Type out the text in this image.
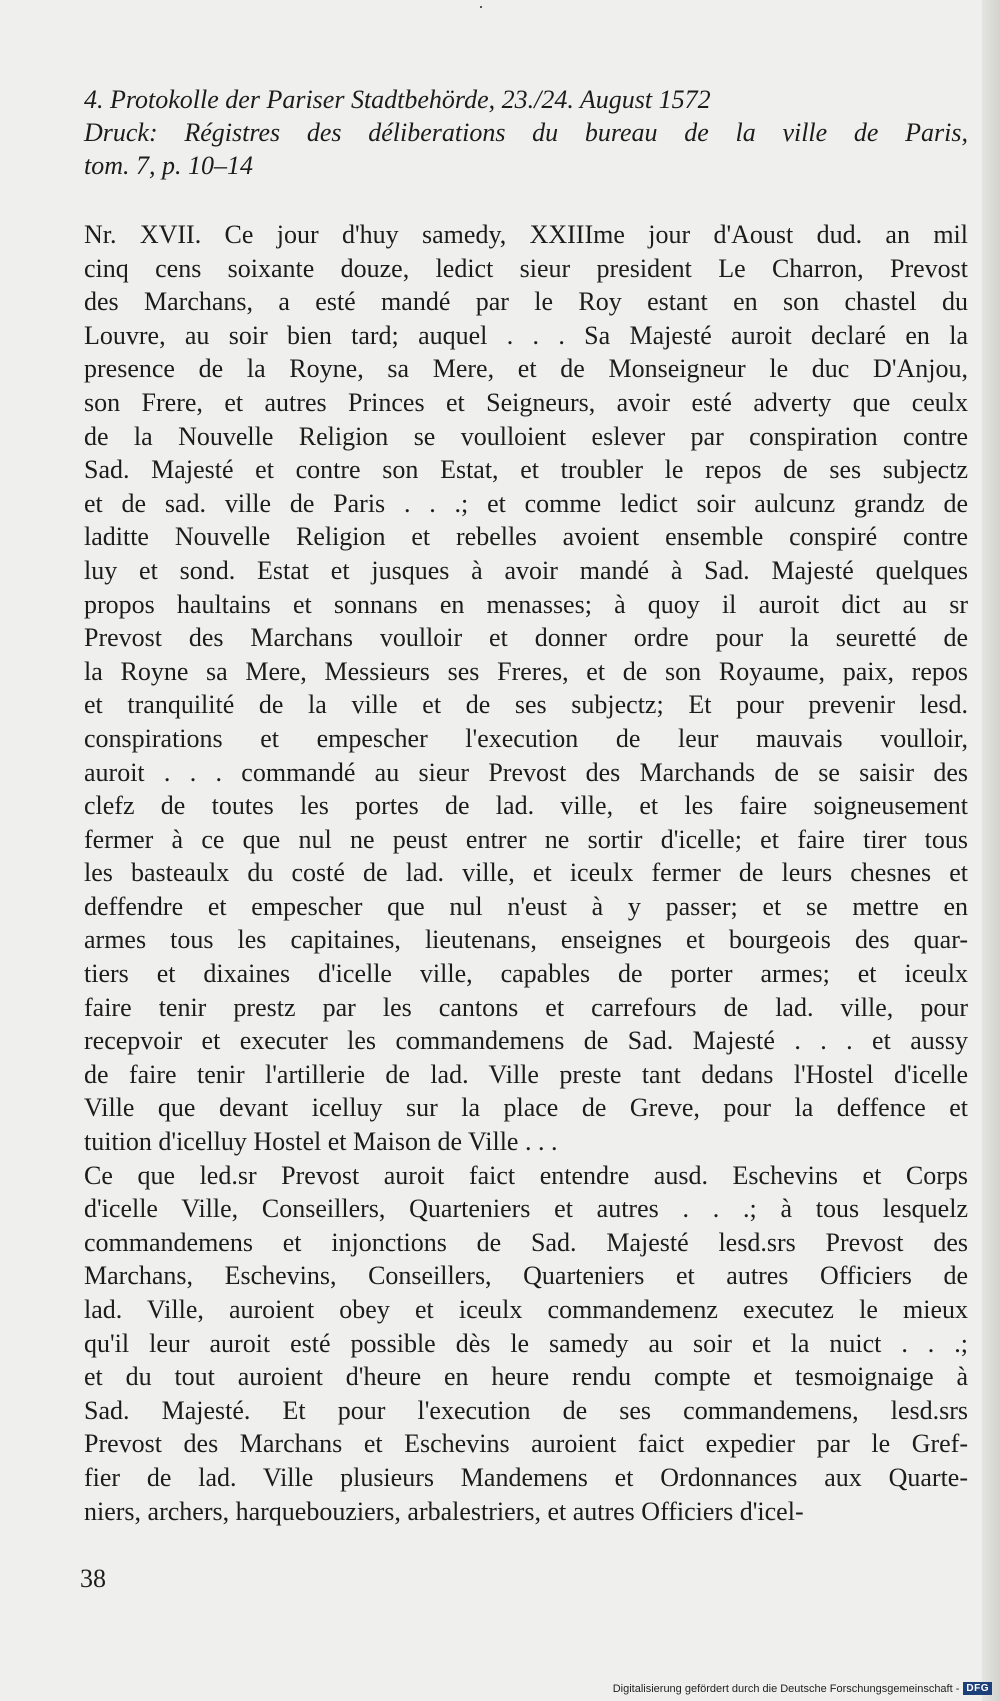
4. Protokolle der Pariser Stadtbehörde, 23./24. August 1572
Druck: Régistres des déliberations du bureau de la ville de Paris,
tom. 7, p. 10–14
Nr. XVII. Ce jour d'huy samedy, XXIIIme jour d'Aoust dud. an mil
cinq cens soixante douze, ledict sieur president Le Charron, Prevost
des Marchans, a esté mandé par le Roy estant en son chastel du
Louvre, au soir bien tard; auquel . . . Sa Majesté auroit declaré en la
presence de la Royne, sa Mere, et de Monseigneur le duc D'Anjou,
son Frere, et autres Princes et Seigneurs, avoir esté adverty que ceulx
de la Nouvelle Religion se voulloient eslever par conspiration contre
Sad. Majesté et contre son Estat, et troubler le repos de ses subjectz
et de sad. ville de Paris . . .; et comme ledict soir aulcunz grandz de
laditte Nouvelle Religion et rebelles avoient ensemble conspiré contre
luy et sond. Estat et jusques à avoir mandé à Sad. Majesté quelques
propos haultains et sonnans en menasses; à quoy il auroit dict au sr
Prevost des Marchans voulloir et donner ordre pour la seuretté de
la Royne sa Mere, Messieurs ses Freres, et de son Royaume, paix, repos
et tranquilité de la ville et de ses subjectz; Et pour prevenir lesd.
conspirations et empescher l'execution de leur mauvais voulloir,
auroit . . . commandé au sieur Prevost des Marchands de se saisir des
clefz de toutes les portes de lad. ville, et les faire soigneusement
fermer à ce que nul ne peust entrer ne sortir d'icelle; et faire tirer tous
les basteaulx du costé de lad. ville, et iceulx fermer de leurs chesnes et
deffendre et empescher que nul n'eust à y passer; et se mettre en
armes tous les capitaines, lieutenans, enseignes et bourgeois des quar-
tiers et dixaines d'icelle ville, capables de porter armes; et iceulx
faire tenir prestz par les cantons et carrefours de lad. ville, pour
recepvoir et executer les commandemens de Sad. Majesté . . . et aussy
de faire tenir l'artillerie de lad. Ville preste tant dedans l'Hostel d'icelle
Ville que devant icelluy sur la place de Greve, pour la deffence et
tuition d'icelluy Hostel et Maison de Ville . . .
Ce que led.sr Prevost auroit faict entendre ausd. Eschevins et Corps
d'icelle Ville, Conseillers, Quarteniers et autres . . .; à tous lesquelz
commandemens et injonctions de Sad. Majesté lesd.srs Prevost des
Marchans, Eschevins, Conseillers, Quarteniers et autres Officiers de
lad. Ville, auroient obey et iceulx commandemenz executez le mieux
qu'il leur auroit esté possible dès le samedy au soir et la nuict . . .;
et du tout auroient d'heure en heure rendu compte et tesmoignaige à
Sad. Majesté. Et pour l'execution de ses commandemens, lesd.srs
Prevost des Marchans et Eschevins auroient faict expedier par le Gref-
fier de lad. Ville plusieurs Mandemens et Ordonnances aux Quarte-
niers, archers, harquebouziers, arbalestriers, et autres Officiers d'icel-
38
Digitalisierung gefördert durch die Deutsche Forschungsgemeinschaft - DFG
